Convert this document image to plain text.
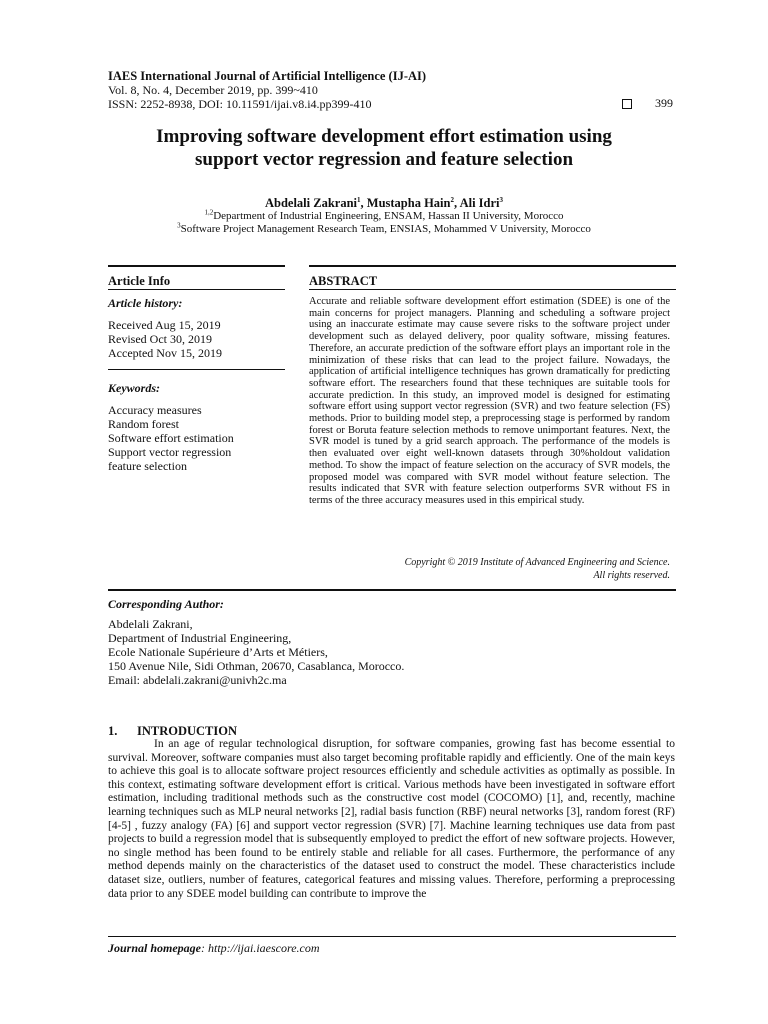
IAES International Journal of Artificial Intelligence (IJ-AI)
Vol. 8, No. 4, December 2019, pp. 399~410
ISSN: 2252-8938, DOI: 10.11591/ijai.v8.i4.pp399-410	399
Improving software development effort estimation using
support vector regression and feature selection
Abdelali Zakrani$^1$, Mustapha Hain$^2$, Ali Idri$^3$
$^{1,2}$Department of Industrial Engineering, ENSAM, Hassan II University, Morocco
$^3$Software Project Management Research Team, ENSIAS, Mohammed V University, Morocco
Article Info	ABSTRACT
Article history:
Received Aug 15, 2019
Revised Oct 30, 2019
Accepted Nov 15, 2019
Keywords:
Accuracy measures
Random forest
Software effort estimation
Support vector regression
feature selection
Accurate and reliable software development effort estimation (SDEE) is one of the main concerns for project managers. Planning and scheduling a software project using an inaccurate estimate may cause severe risks to the software project under development such as delayed delivery, poor quality software, missing features. Therefore, an accurate prediction of the software effort plays an important role in the minimization of these risks that can lead to the project failure. Nowadays, the application of artificial intelligence techniques has grown dramatically for predicting software effort. The researchers found that these techniques are suitable tools for accurate prediction. In this study, an improved model is designed for estimating software effort using support vector regression (SVR) and two feature selection (FS) methods. Prior to building model step, a preprocessing stage is performed by random forest or Boruta feature selection methods to remove unimportant features. Next, the SVR model is tuned by a grid search approach. The performance of the models is then evaluated over eight well-known datasets through 30%holdout validation method. To show the impact of feature selection on the accuracy of SVR models, the proposed model was compared with SVR model without feature selection. The results indicated that SVR with feature selection outperforms SVR without FS in terms of the three accuracy measures used in this empirical study.
Copyright © 2019 Institute of Advanced Engineering and Science.
All rights reserved.
Corresponding Author:
Abdelali Zakrani,
Department of Industrial Engineering,
Ecole Nationale Supérieure d’Arts et Métiers,
150 Avenue Nile, Sidi Othman, 20670, Casablanca, Morocco.
Email: abdelali.zakrani@univh2c.ma
1. INTRODUCTION
In an age of regular technological disruption, for software companies, growing fast has become essential to survival. Moreover, software companies must also target becoming profitable rapidly and efficiently. One of the main keys to achieve this goal is to allocate software project resources efficiently and schedule activities as optimally as possible. In this context, estimating software development effort is critical. Various methods have been investigated in software effort estimation, including traditional methods such as the constructive cost model (COCOMO) [1], and, recently, machine learning techniques such as MLP neural networks [2], radial basis function (RBF) neural networks [3], random forest (RF) [4-5] , fuzzy analogy (FA) [6] and support vector regression (SVR) [7]. Machine learning techniques use data from past projects to build a regression model that is subsequently employed to predict the effort of new software projects. However, no single method has been found to be entirely stable and reliable for all cases. Furthermore, the performance of any method depends mainly on the characteristics of the dataset used to construct the model. These characteristics include dataset size, outliers, number of features, categorical features and missing values. Therefore, performing a preprocessing data prior to any SDEE model building can contribute to improve the
Journal homepage: http://ijai.iaescore.com
